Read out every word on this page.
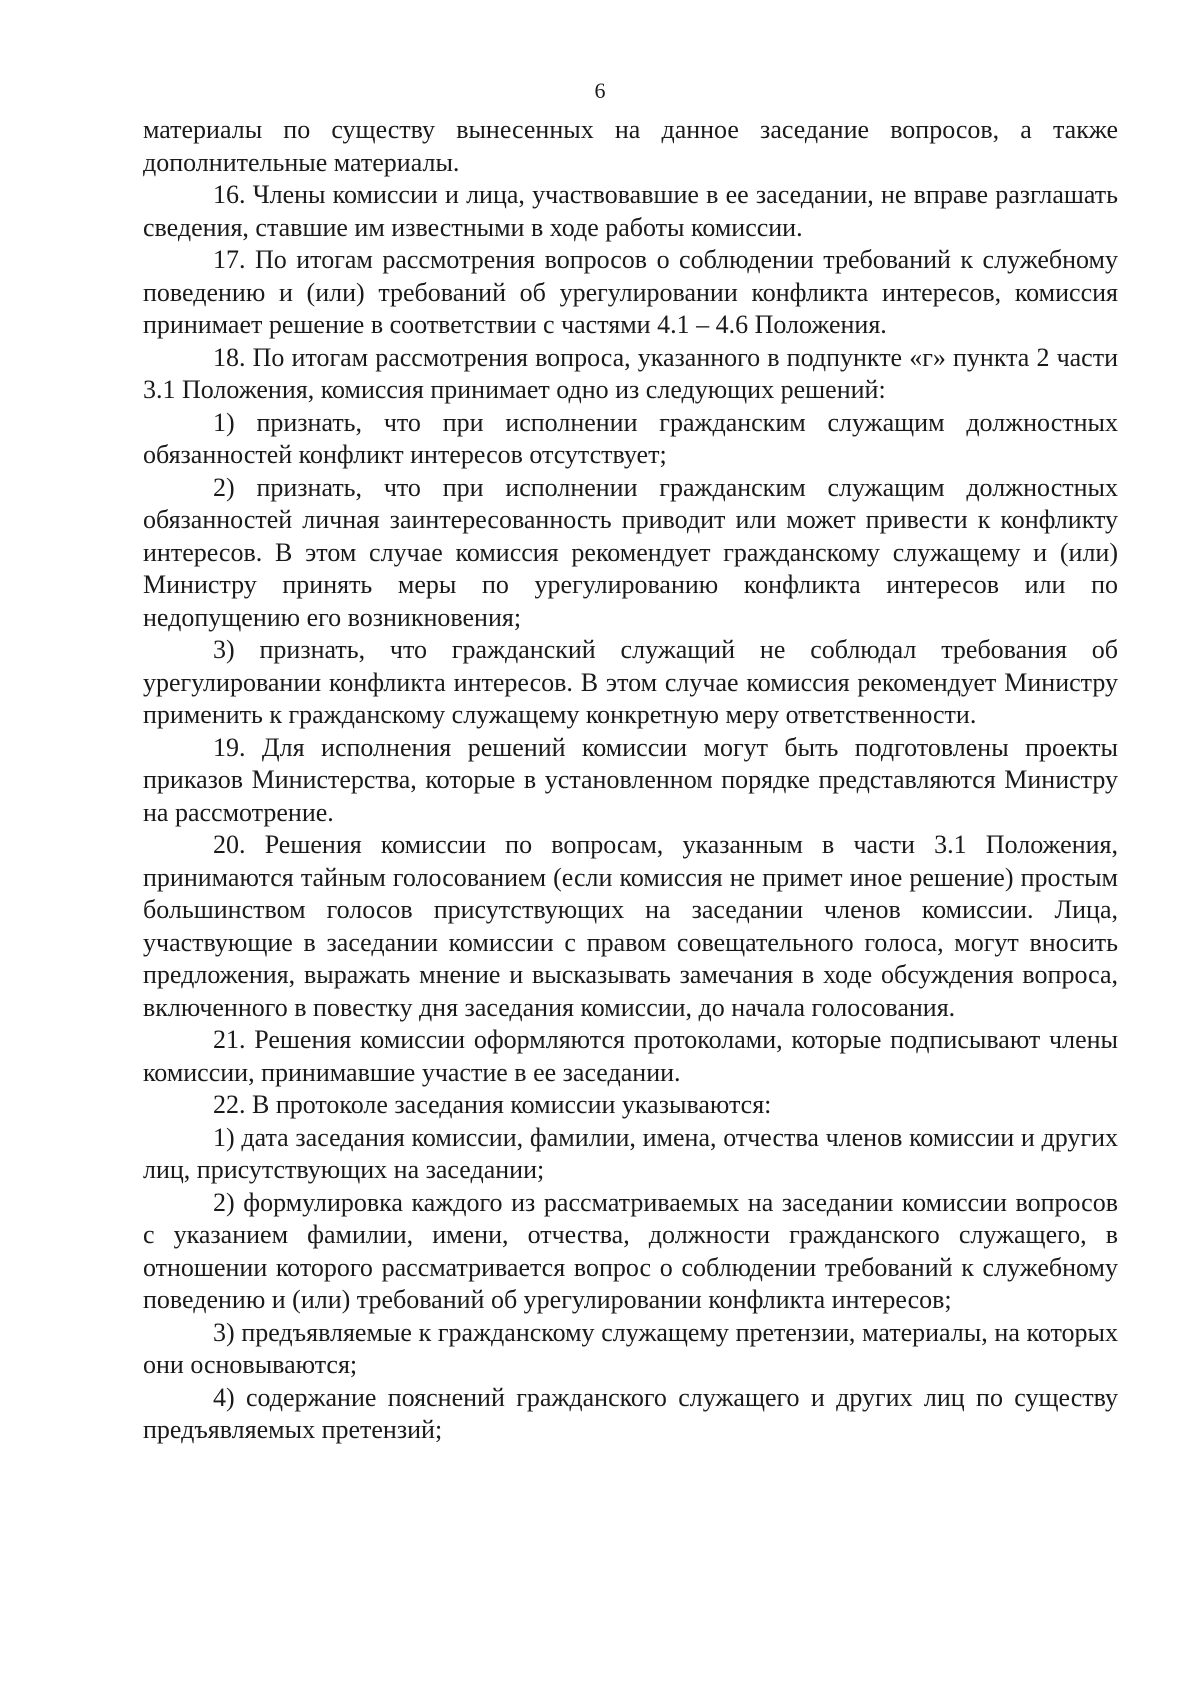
6

материалы по существу вынесенных на данное заседание вопросов, а также дополнительные материалы.

16. Члены комиссии и лица, участвовавшие в ее заседании, не вправе разглашать сведения, ставшие им известными в ходе работы комиссии.

17. По итогам рассмотрения вопросов о соблюдении требований к служебному поведению и (или) требований об урегулировании конфликта интересов, комиссия принимает решение в соответствии с частями 4.1 – 4.6 Положения.

18. По итогам рассмотрения вопроса, указанного в подпункте «г» пункта 2 части 3.1 Положения, комиссия принимает одно из следующих решений:

1) признать, что при исполнении гражданским служащим должностных обязанностей конфликт интересов отсутствует;

2) признать, что при исполнении гражданским служащим должностных обязанностей личная заинтересованность приводит или может привести к конфликту интересов. В этом случае комиссия рекомендует гражданскому служащему и (или) Министру принять меры по урегулированию конфликта интересов или по недопущению его возникновения;

3) признать, что гражданский служащий не соблюдал требования об урегулировании конфликта интересов. В этом случае комиссия рекомендует Министру применить к гражданскому служащему конкретную меру ответственности.

19. Для исполнения решений комиссии могут быть подготовлены проекты приказов Министерства, которые в установленном порядке представляются Министру на рассмотрение.

20. Решения комиссии по вопросам, указанным в части 3.1 Положения, принимаются тайным голосованием (если комиссия не примет иное решение) простым большинством голосов присутствующих на заседании членов комиссии. Лица, участвующие в заседании комиссии с правом совещательного голоса, могут вносить предложения, выражать мнение и высказывать замечания в ходе обсуждения вопроса, включенного в повестку дня заседания комиссии, до начала голосования.

21. Решения комиссии оформляются протоколами, которые подписывают члены комиссии, принимавшие участие в ее заседании.

22. В протоколе заседания комиссии указываются:

1) дата заседания комиссии, фамилии, имена, отчества членов комиссии и других лиц, присутствующих на заседании;

2) формулировка каждого из рассматриваемых на заседании комиссии вопросов с указанием фамилии, имени, отчества, должности гражданского служащего, в отношении которого рассматривается вопрос о соблюдении требований к служебному поведению и (или) требований об урегулировании конфликта интересов;

3) предъявляемые к гражданскому служащему претензии, материалы, на которых они основываются;

4) содержание пояснений гражданского служащего и других лиц по существу предъявляемых претензий;
